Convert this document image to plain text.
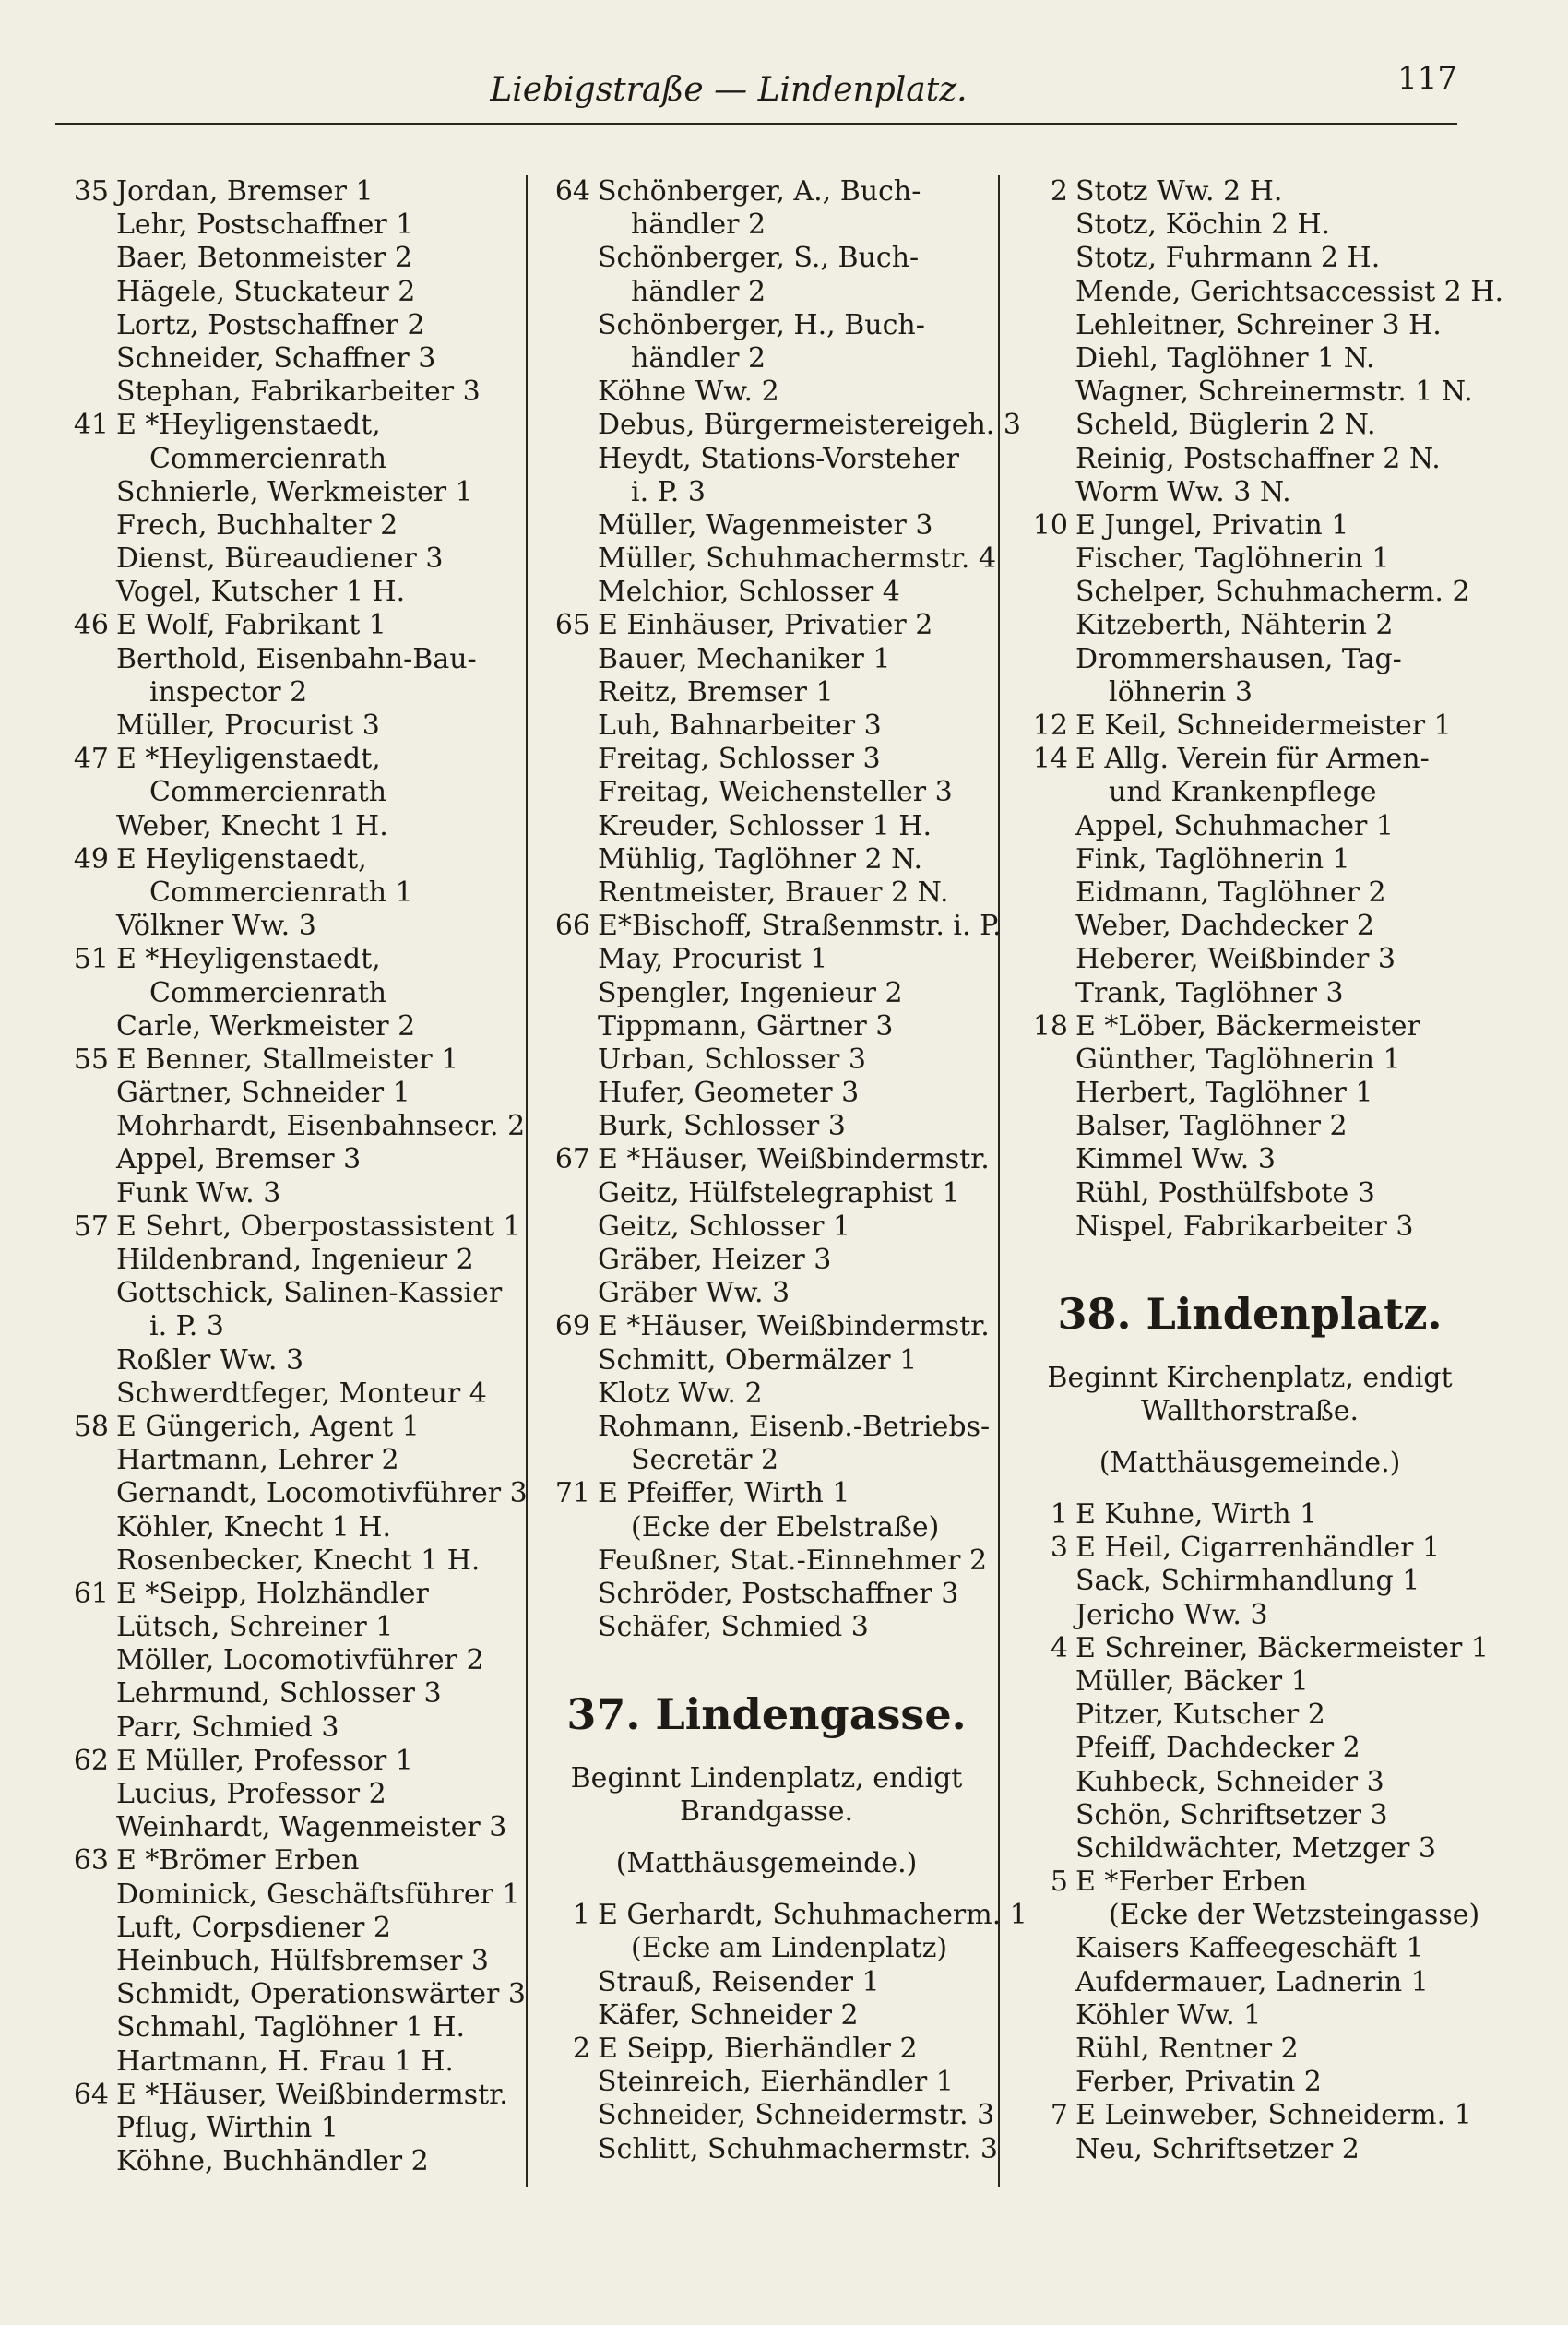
Liebigstraße — Lindenplatz.	117
35 Jordan, Bremser 1
Lehr, Postschaffner 1
Baer, Betonmeister 2
Hägele, Stuckateur 2
Lortz, Postschaffner 2
Schneider, Schaffner 3
Stephan, Fabrikarbeiter 3
41 E *Heyligenstaedt,
Commercienrath
Schnierle, Werkmeister 1
Frech, Buchhalter 2
Dienst, Büreaudiener 3
Vogel, Kutscher 1 H.
46 E Wolf, Fabrikant 1
Berthold, Eisenbahn-Bau-
inspector 2
Müller, Procurist 3
47 E *Heyligenstaedt,
Commercienrath
Weber, Knecht 1 H.
49 E Heyligenstaedt,
Commercienrath 1
Völkner Ww. 3
51 E *Heyligenstaedt,
Commercienrath
Carle, Werkmeister 2
55 E Benner, Stallmeister 1
Gärtner, Schneider 1
Mohrhardt, Eisenbahnsecr. 2
Appel, Bremser 3
Funk Ww. 3
57 E Sehrt, Oberpostassistent 1
Hildenbrand, Ingenieur 2
Gottschick, Salinen-Kassier
i. P. 3
Roßler Ww. 3
Schwerdtfeger, Monteur 4
58 E Güngerich, Agent 1
Hartmann, Lehrer 2
Gernandt, Locomotivführer 3
Köhler, Knecht 1 H.
Rosenbecker, Knecht 1 H.
61 E *Seipp, Holzhändler
Lütsch, Schreiner 1
Möller, Locomotivführer 2
Lehrmund, Schlosser 3
Parr, Schmied 3
62 E Müller, Professor 1
Lucius, Professor 2
Weinhardt, Wagenmeister 3
63 E *Brömer Erben
Dominick, Geschäftsführer 1
Luft, Corpsdiener 2
Heinbuch, Hülfsbremser 3
Schmidt, Operationswärter 3
Schmahl, Taglöhner 1 H.
Hartmann, H. Frau 1 H.
64 E *Häuser, Weißbindermstr.
Pflug, Wirthin 1
Köhne, Buchhändler 2
64 Schönberger, A., Buch-
händler 2
Schönberger, S., Buch-
händler 2
Schönberger, H., Buch-
händler 2
Köhne Ww. 2
Debus, Bürgermeistereigeh. 3
Heydt, Stations-Vorsteher
i. P. 3
Müller, Wagenmeister 3
Müller, Schuhmachermstr. 4
Melchior, Schlosser 4
65 E Einhäuser, Privatier 2
Bauer, Mechaniker 1
Reitz, Bremser 1
Luh, Bahnarbeiter 3
Freitag, Schlosser 3
Freitag, Weichensteller 3
Kreuder, Schlosser 1 H.
Mühlig, Taglöhner 2 N.
Rentmeister, Brauer 2 N.
66 E*Bischoff, Straßenmstr. i. P.
May, Procurist 1
Spengler, Ingenieur 2
Tippmann, Gärtner 3
Urban, Schlosser 3
Hufer, Geometer 3
Burk, Schlosser 3
67 E *Häuser, Weißbindermstr.
Geitz, Hülfstelegraphist 1
Geitz, Schlosser 1
Gräber, Heizer 3
Gräber Ww. 3
69 E *Häuser, Weißbindermstr.
Schmitt, Obermälzer 1
Klotz Ww. 2
Rohmann, Eisenb.-Betriebs-
Secretär 2
71 E Pfeiffer, Wirth 1
(Ecke der Ebelstraße)
Feußner, Stat.-Einnehmer 2
Schröder, Postschaffner 3
Schäfer, Schmied 3
37. Lindengasse.
Beginnt Lindenplatz, endigt
Brandgasse.
(Matthäusgemeinde.)
1 E Gerhardt, Schuhmacherm. 1
(Ecke am Lindenplatz)
Strauß, Reisender 1
Käfer, Schneider 2
2 E Seipp, Bierhändler 2
Steinreich, Eierhändler 1
Schneider, Schneidermstr. 3
Schlitt, Schuhmachermstr. 3
2 Stotz Ww. 2 H.
Stotz, Köchin 2 H.
Stotz, Fuhrmann 2 H.
Mende, Gerichtsaccessist 2 H.
Lehleitner, Schreiner 3 H.
Diehl, Taglöhner 1 N.
Wagner, Schreinermstr. 1 N.
Scheld, Büglerin 2 N.
Reinig, Postschaffner 2 N.
Worm Ww. 3 N.
10 E Jungel, Privatin 1
Fischer, Taglöhnerin 1
Schelper, Schuhmacherm. 2
Kitzeberth, Nähterin 2
Drommershausen, Tag-
löhnerin 3
12 E Keil, Schneidermeister 1
14 E Allg. Verein für Armen-
und Krankenpflege
Appel, Schuhmacher 1
Fink, Taglöhnerin 1
Eidmann, Taglöhner 2
Weber, Dachdecker 2
Heberer, Weißbinder 3
Trank, Taglöhner 3
18 E *Löber, Bäckermeister
Günther, Taglöhnerin 1
Herbert, Taglöhner 1
Balser, Taglöhner 2
Kimmel Ww. 3
Rühl, Posthülfsbote 3
Nispel, Fabrikarbeiter 3
38. Lindenplatz.
Beginnt Kirchenplatz, endigt
Wallthorstraße.
(Matthäusgemeinde.)
1 E Kuhne, Wirth 1
3 E Heil, Cigarrenhändler 1
Sack, Schirmhandlung 1
Jericho Ww. 3
4 E Schreiner, Bäckermeister 1
Müller, Bäcker 1
Pitzer, Kutscher 2
Pfeiff, Dachdecker 2
Kuhbeck, Schneider 3
Schön, Schriftsetzer 3
Schildwächter, Metzger 3
5 E *Ferber Erben
(Ecke der Wetzsteingasse)
Kaisers Kaffeegeschäft 1
Aufdermauer, Ladnerin 1
Köhler Ww. 1
Rühl, Rentner 2
Ferber, Privatin 2
7 E Leinweber, Schneiderm. 1
Neu, Schriftsetzer 2
